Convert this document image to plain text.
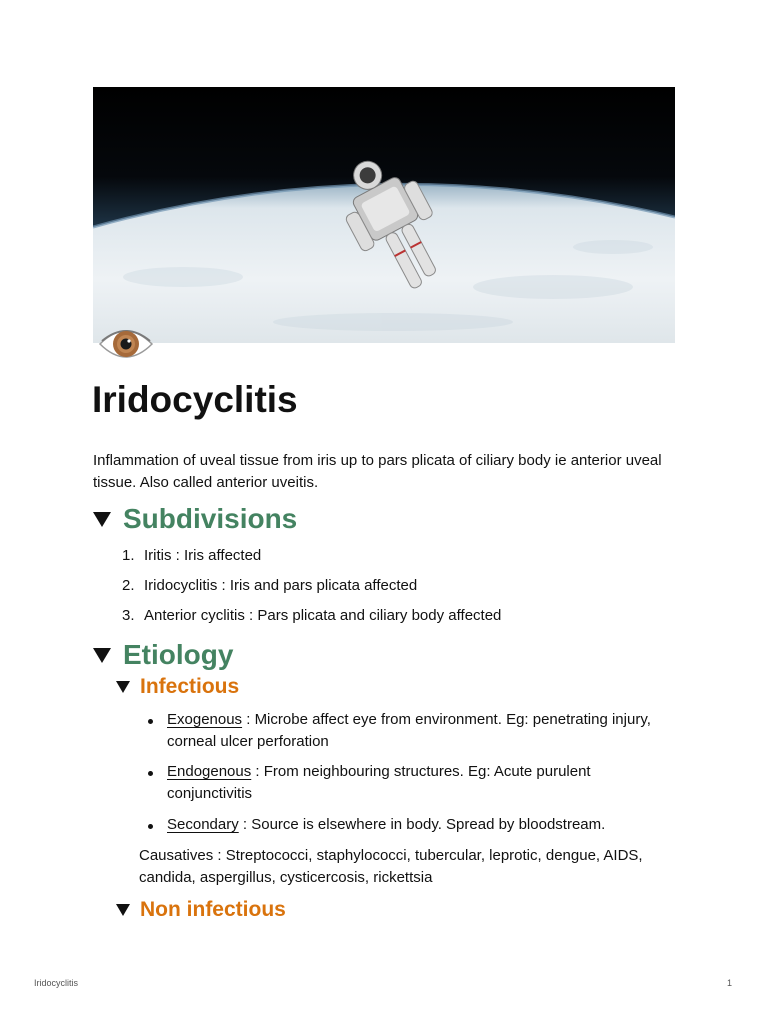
Iridocyclitis

Inflammation of uveal tissue from iris up to pars plicata of ciliary body ie anterior uveal tissue. Also called anterior uveitis.

Subdivisions

1. Iritis : Iris affected

2. Iridocyclitis : Iris and pars plicata affected

3. Anterior cyclitis : Pars plicata and ciliary body affected

Etiology
Infectious

Exogenous : Microbe affect eye from environment. Eg: penetrating injury, corneal ulcer perforation

Endogenous : From neighbouring structures. Eg: Acute purulent conjunctivitis

Secondary : Source is elsewhere in body. Spread by bloodstream.

Causatives : Streptococci, staphylococci, tubercular, leprotic, dengue, AIDS, candida, aspergillus, cysticercosis, rickettsia

Non infectious
Iridocyclitis	1
